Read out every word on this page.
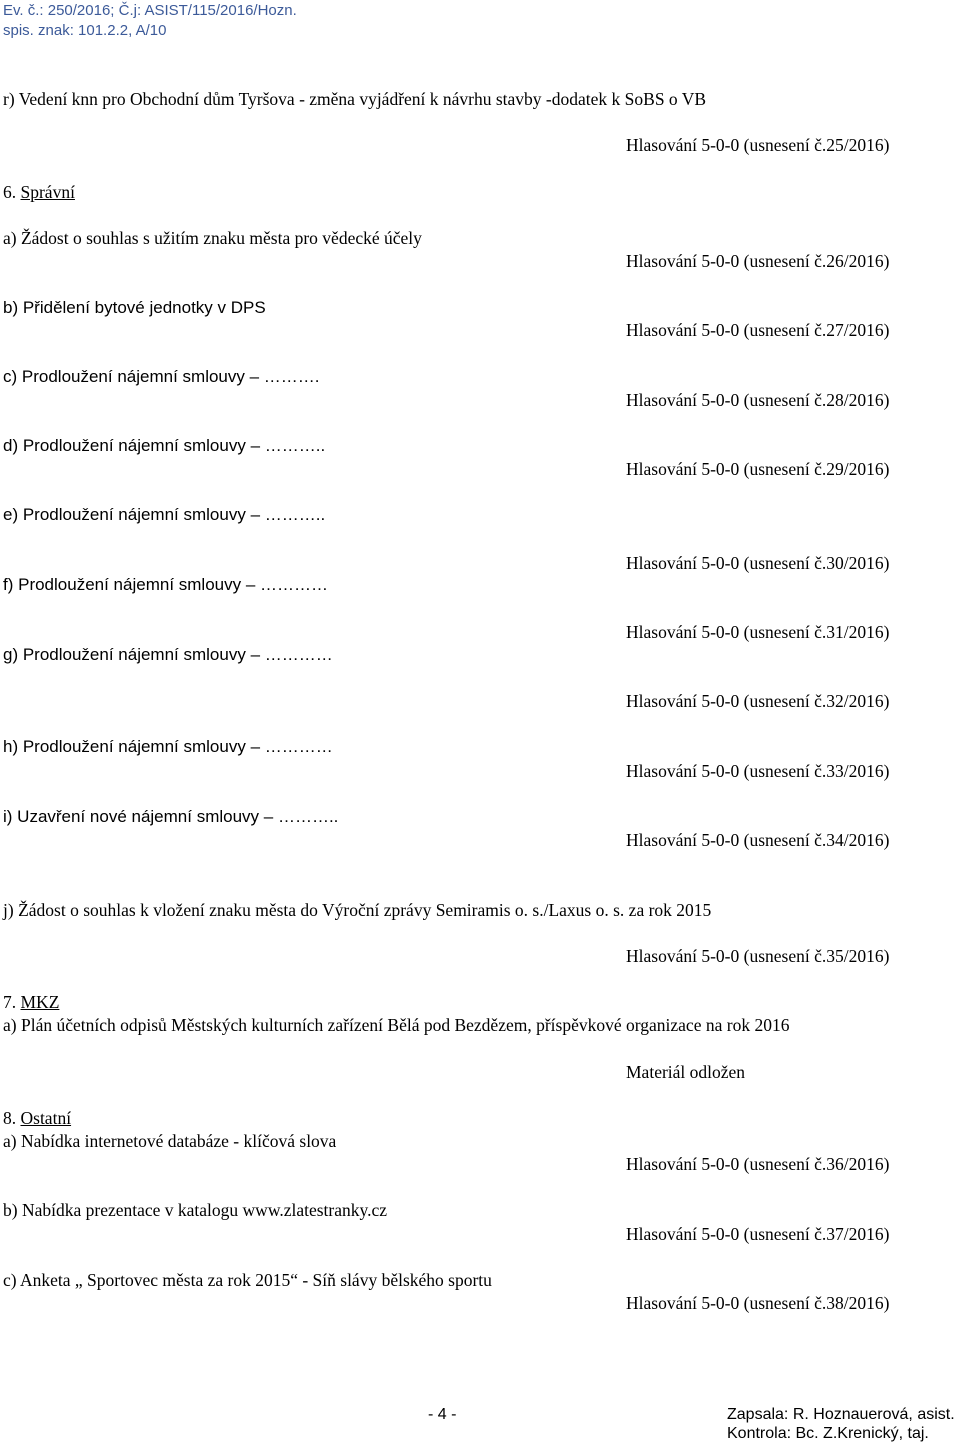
Ev. č.: 250/2016; Č.j: ASIST/115/2016/Hozn.
spis. znak: 101.2.2, A/10
r) Vedení knn pro Obchodní dům Tyršova - změna vyjádření k návrhu stavby -dodatek k SoBS o VB
Hlasování 5-0-0 (usnesení č.25/2016)
6. Správní
a) Žádost o souhlas s užitím znaku města pro vědecké účely
Hlasování 5-0-0 (usnesení č.26/2016)
b) Přidělení bytové jednotky v DPS
Hlasování 5-0-0 (usnesení č.27/2016)
c) Prodloužení nájemní smlouvy – ……….
Hlasování 5-0-0 (usnesení č.28/2016)
d) Prodloužení nájemní smlouvy – ………..
Hlasování 5-0-0 (usnesení č.29/2016)
e) Prodloužení nájemní smlouvy – ………..
Hlasování 5-0-0 (usnesení č.30/2016)
f) Prodloužení nájemní smlouvy – …………
Hlasování 5-0-0 (usnesení č.31/2016)
g) Prodloužení nájemní smlouvy – …………
Hlasování 5-0-0 (usnesení č.32/2016)
h) Prodloužení nájemní smlouvy – …………
Hlasování 5-0-0 (usnesení č.33/2016)
i) Uzavření nové nájemní smlouvy – ………..
Hlasování 5-0-0 (usnesení č.34/2016)
j) Žádost o souhlas k vložení znaku města do Výroční zprávy Semiramis o. s./Laxus o. s. za rok 2015
Hlasování 5-0-0 (usnesení č.35/2016)
7. MKZ
a) Plán účetních odpisů Městských kulturních zařízení Bělá pod Bezdězem, příspěvkové organizace na rok 2016
Materiál odložen
8. Ostatní
a) Nabídka internetové databáze - klíčová slova
Hlasování 5-0-0 (usnesení č.36/2016)
b) Nabídka prezentace v katalogu www.zlatestranky.cz
Hlasování 5-0-0 (usnesení č.37/2016)
c) Anketa „ Sportovec města za rok 2015“ - Síň slávy bělského sportu
Hlasování 5-0-0 (usnesení č.38/2016)
- 4 -	Zapsala: R. Hoznauerová, asist.
Kontrola: Bc. Z.Krenický, taj.
